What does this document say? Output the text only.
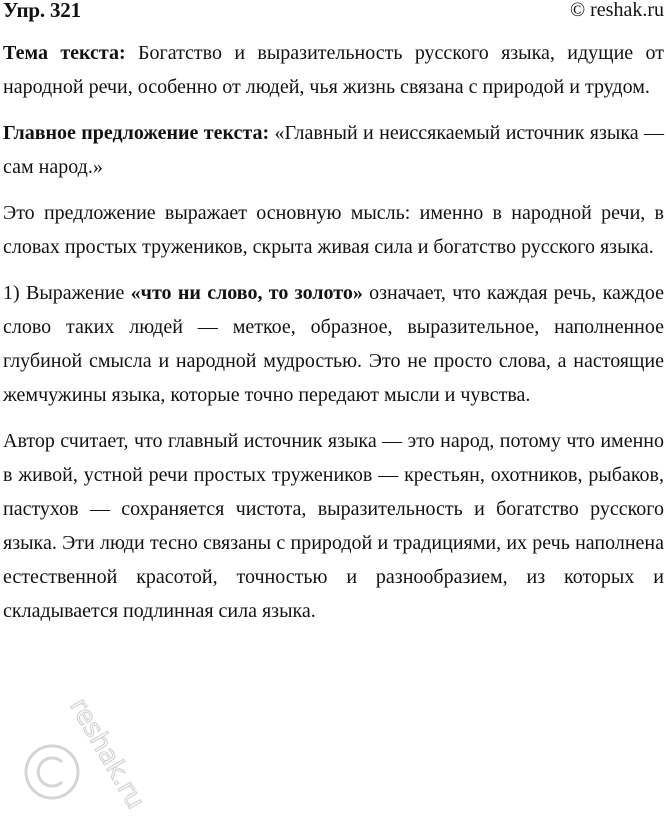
Упр. 321	© reshak.ru

Тема текста: Богатство и выразительность русского языка, идущие от народной речи, особенно от людей, чья жизнь связана с природой и трудом.

Главное предложение текста: «Главный и неиссякаемый источник языка — сам народ.»

Это предложение выражает основную мысль: именно в народной речи, в словах простых тружеников, скрыта живая сила и богатство русского языка.

1) Выражение «что ни слово, то золото» означает, что каждая речь, каждое слово таких людей — меткое, образное, выразительное, наполненное глубиной смысла и народной мудростью. Это не просто слова, а настоящие жемчужины языка, которые точно передают мысли и чувства.

Автор считает, что главный источник языка — это народ, потому что именно в живой, устной речи простых тружеников — крестьян, охотников, рыбаков, пастухов — сохраняется чистота, выразительность и богатство русского языка. Эти люди тесно связаны с природой и традициями, их речь наполнена естественной красотой, точностью и разнообразием, из которых и складывается подлинная сила языка.

reshak.ru
